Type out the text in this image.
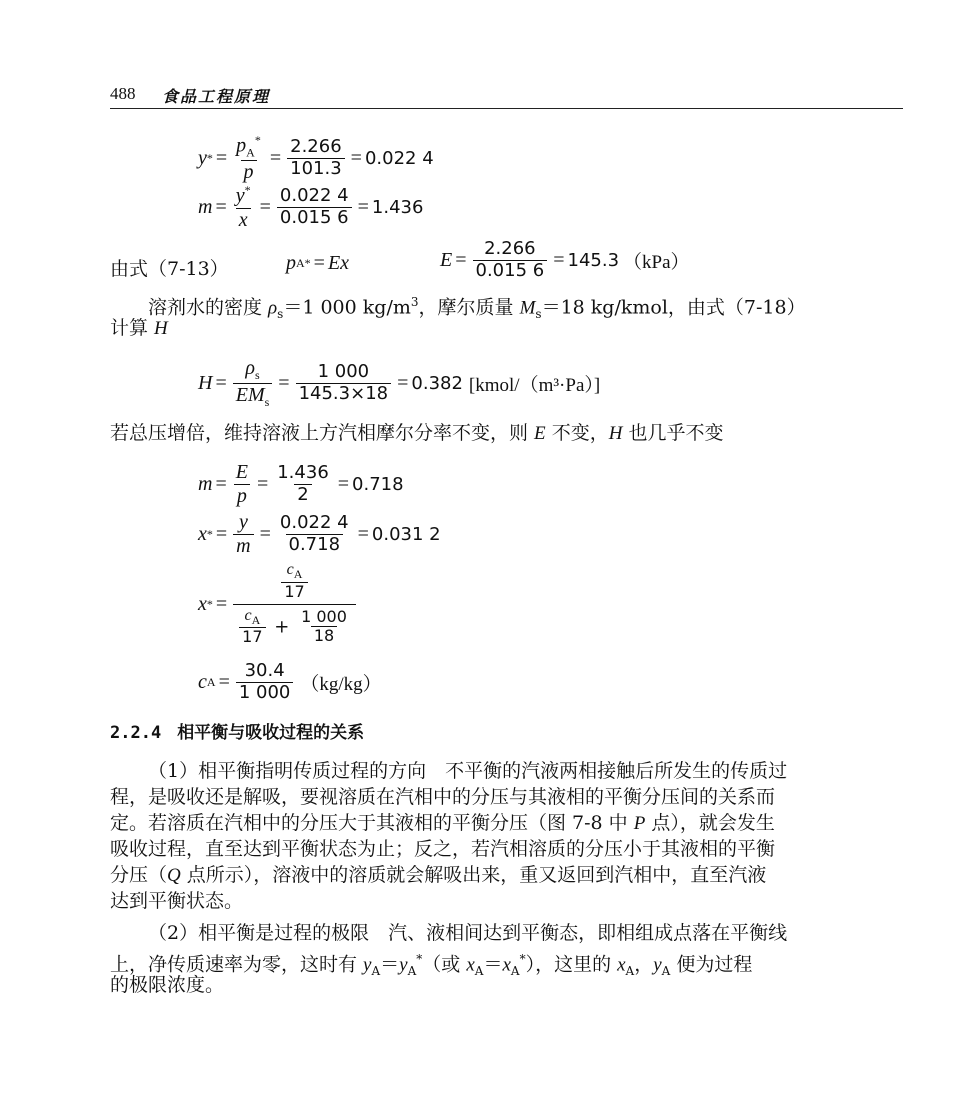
488 食品工程原理
y * = $\frac{p_A^*}{p} = \frac{2.266}{101.3} = 0.022$ 4
$m = \frac{y^*}{x} = \frac{0.022 4}{0.015 6} = 1.436$
由式（7-13）	p A * = Ex	$E = \frac{2.266}{0.015 6} = 145.3$ （kPa）
溶剂水的密度 $\rho_s=1$ 000 $kg/m^3$，摩尔质量 $M_s=18$ kg/kmol，由式（7-18）
计算 H
$H = \frac{\rho_s}{EM_s} = \frac{1 000}{145.3\times 18} = 0.382$ [kmol/（m³·Pa）]
若总压增倍，维持溶液上方汽相摩尔分率不变，则 E 不变，H 也几乎不变
$m = \frac{E}{p} = \frac{1.436}{2} = 0.718$
x * = $\frac{y}{m} = \frac{0.022 4}{0.718} = 0.031$ 2
x * = $\frac{\frac{c_A}{17}}{\frac{c_A}{17} + \frac{1 000}{18}}$
c $A = \frac{30.4}{1 000} (kg/kg)$
2.2.4 相平衡与吸收过程的关系
（1）相平衡指明传质过程的方向　不平衡的汽液两相接触后所发生的传质过

程，是吸收还是解吸，要视溶质在汽相中的分压与其液相的平衡分压间的关系而
定。若溶质在汽相中的分压大于其液相的平衡分压（图 7-8 中 P 点），就会发生
吸收过程，直至达到平衡状态为止；反之，若汽相溶质的分压小于其液相的平衡
分压（Q 点所示），溶液中的溶质就会解吸出来，重又返回到汽相中，直至汽液
达到平衡状态。
（2）相平衡是过程的极限　汽、液相间达到平衡态，即相组成点落在平衡线
上，净传质速率为零，这时有 $y_A=y_A^*$（或 $x_A=x_A^*$），这里的 $x_A$，$y_A$ 便为过程
的极限浓度。
